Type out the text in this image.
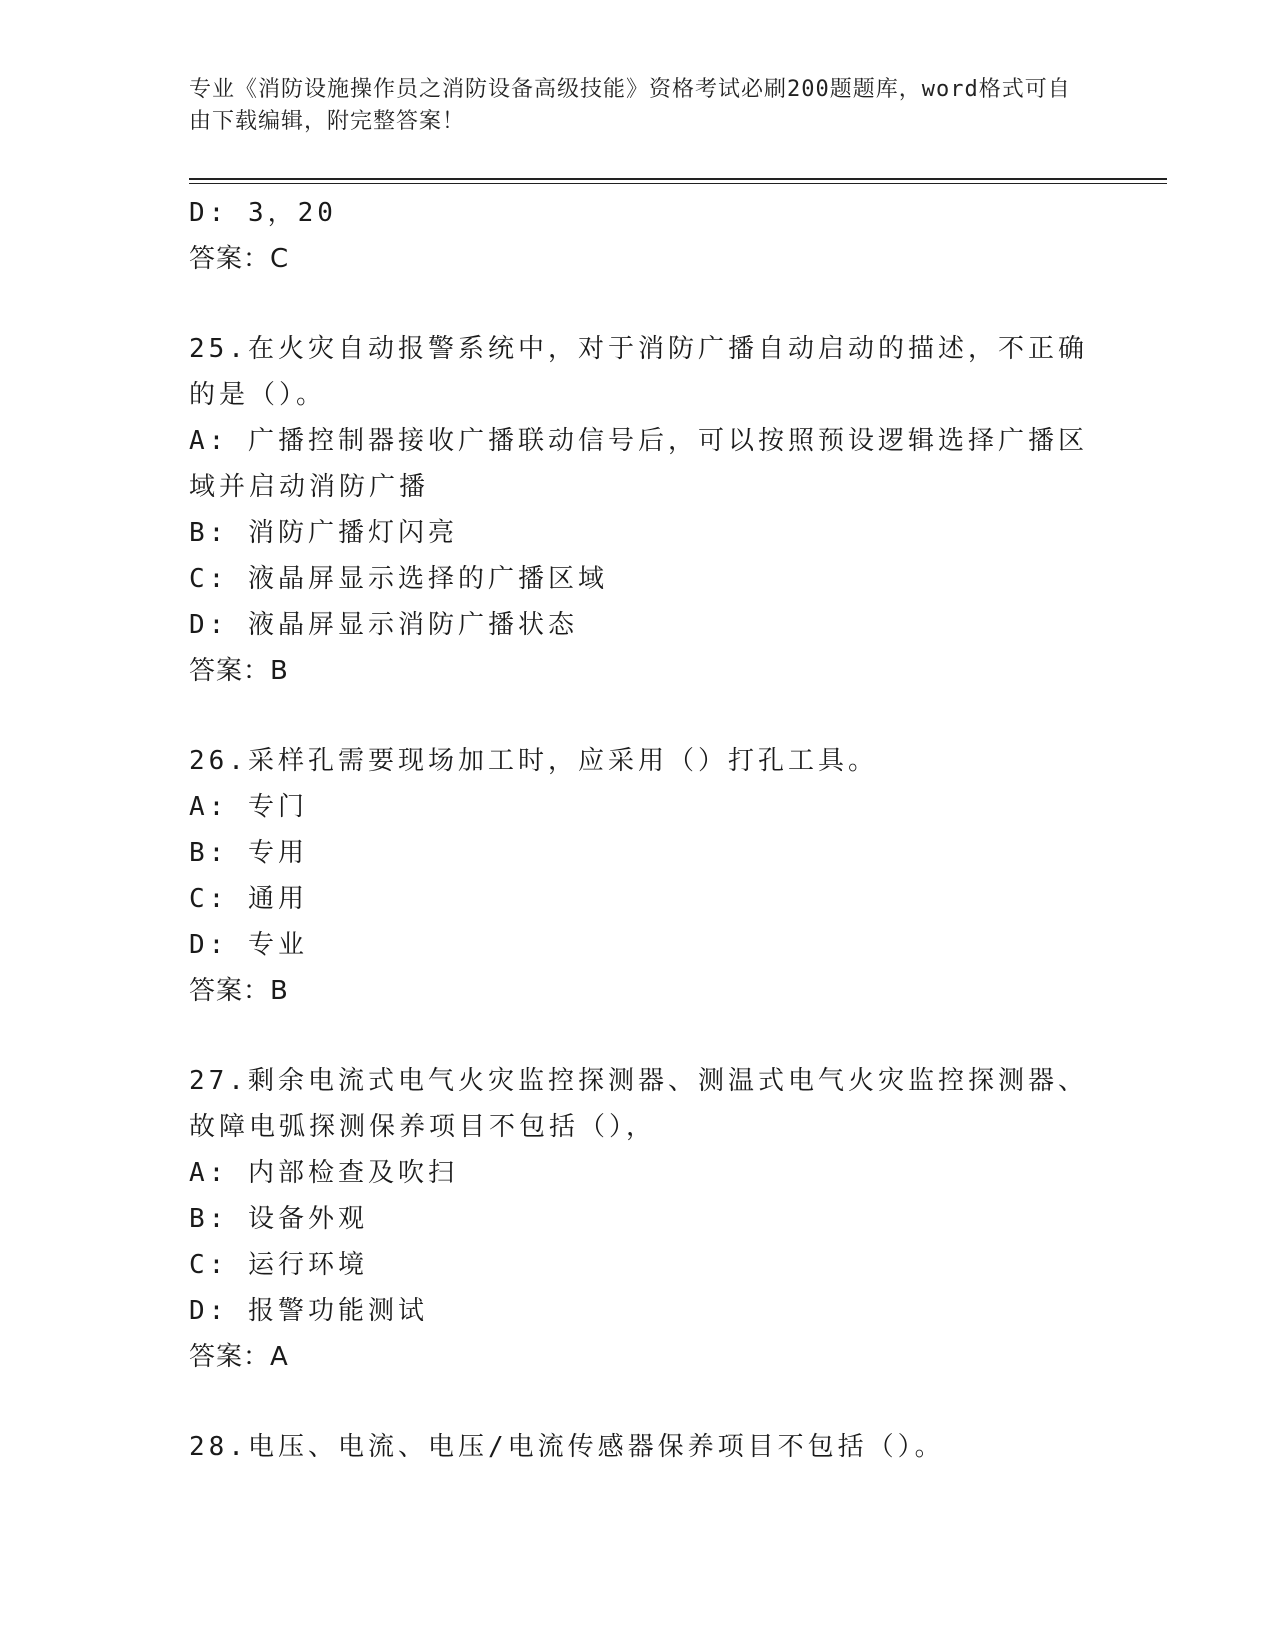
专业《消防设施操作员之消防设备高级技能》资格考试必刷200题题库，word格式可自由下载编辑，附完整答案！
D: 3，20
答案：C
25.在火灾自动报警系统中，对于消防广播自动启动的描述，不正确的是（）。
A: 广播控制器接收广播联动信号后，可以按照预设逻辑选择广播区域并启动消防广播
B: 消防广播灯闪亮
C: 液晶屏显示选择的广播区域
D: 液晶屏显示消防广播状态
答案：B
26.采样孔需要现场加工时，应采用（）打孔工具。
A: 专门
B: 专用
C: 通用
D: 专业
答案：B
27.剩余电流式电气火灾监控探测器、测温式电气火灾监控探测器、故障电弧探测保养项目不包括（），
A: 内部检查及吹扫
B: 设备外观
C: 运行环境
D: 报警功能测试
答案：A
28.电压、电流、电压/电流传感器保养项目不包括（）。
